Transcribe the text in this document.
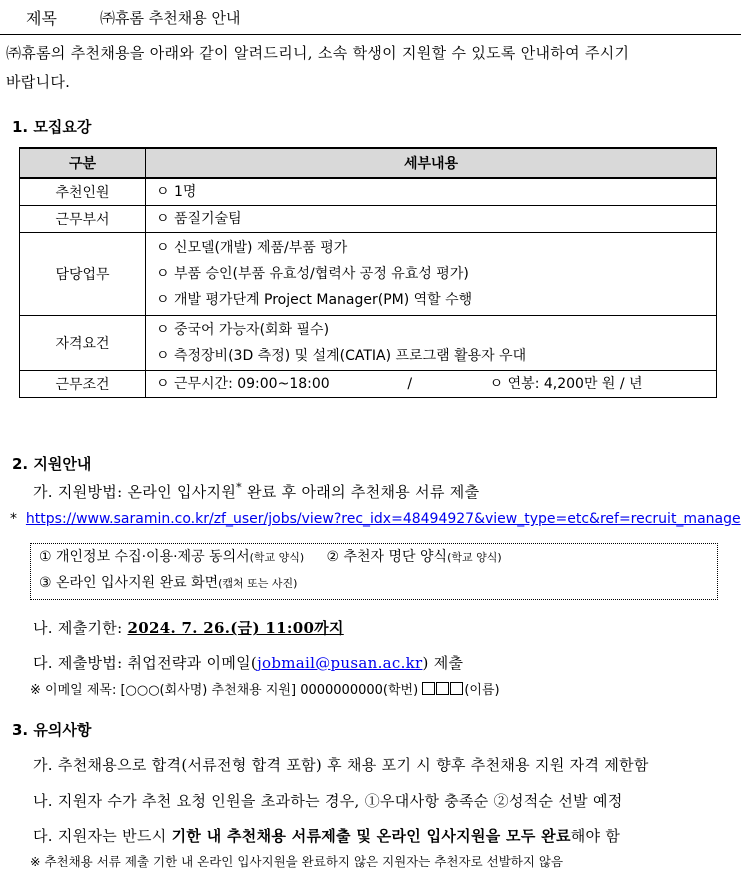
제목	㈜휴롬 추천채용 안내
㈜휴롬의 추천채용을 아래와 같이 알려드리니, 소속 학생이 지원할 수 있도록 안내하여 주시기
바랍니다.
1. 모집요강
구분	세부내용
추천인원	ㅇ 1명

근무부서	ㅇ 품질기술팀

담당업무	ㅇ 신모델(개발) 제품/부품 평가
ㅇ 부품 승인(부품 유효성/협력사 공정 유효성 평가)
ㅇ 개발 평가단계 Project Manager(PM) 역할 수행

자격요건	ㅇ 중국어 가능자(회화 필수)
ㅇ 측정장비(3D 측정) 및 설계(CATIA) 프로그램 활용자 우대

근무조건	ㅇ 근무시간: 09:00~18:00 / ㅇ 연봉: 4,200만 원 / 년
2. 지원안내
가. 지원방법: 온라인 입사지원* 완료 후 아래의 추천채용 서류 제출
* https://www.saramin.co.kr/zf_user/jobs/view?rec_idx=48494927&view_type=etc&ref=recruit_manage
① 개인정보 수집·이용·제공 동의서(학교 양식) ② 추천자 명단 양식(학교 양식)
③ 온라인 입사지원 완료 화면(캡처 또는 사진)
나. 제출기한: 2024. 7. 26.(금) 11:00까지
다. 제출방법: 취업전략과 이메일(jobmail@pusan.ac.kr) 제출
※ 이메일 제목: [○○○(회사명) 추천채용 지원] 0000000000(학번)	(이름)
3. 유의사항
가. 추천채용으로 합격(서류전형 합격 포함) 후 채용 포기 시 향후 추천채용 지원 자격 제한함
나. 지원자 수가 추천 요청 인원을 초과하는 경우, ①우대사항 충족순 ②성적순 선발 예정
다. 지원자는 반드시 기한 내 추천채용 서류제출 및 온라인 입사지원을 모두 완료해야 함
※ 추천채용 서류 제출 기한 내 온라인 입사지원을 완료하지 않은 지원자는 추천자로 선발하지 않음
